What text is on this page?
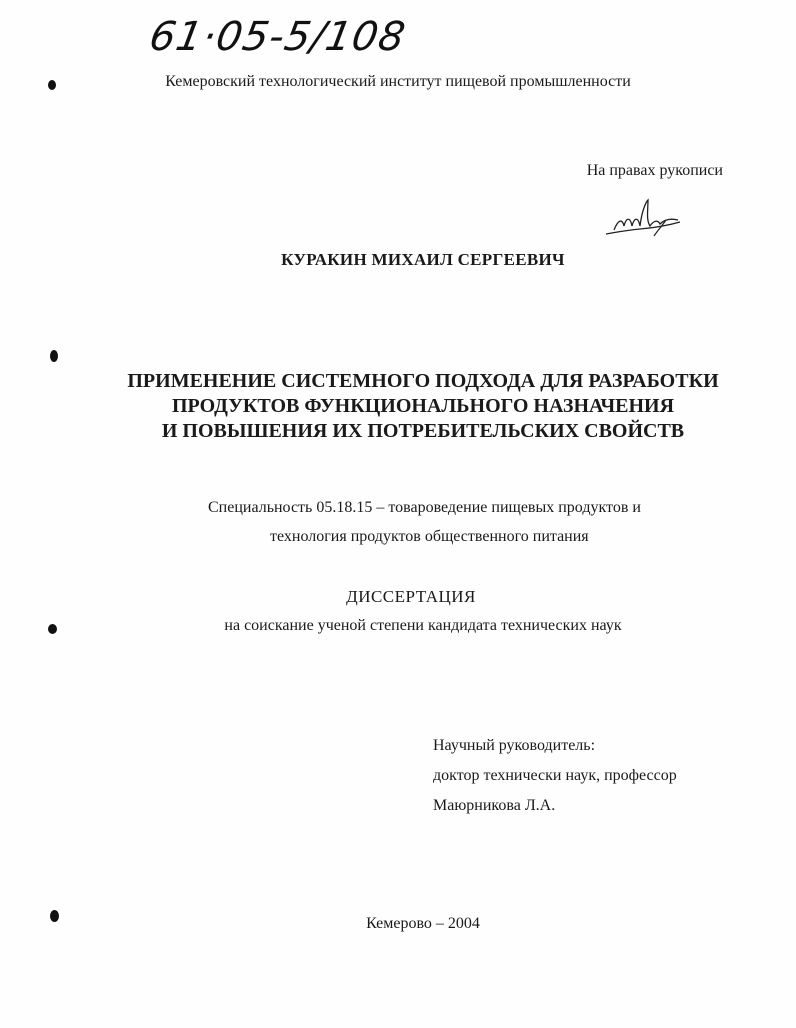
61·05-5/108
Кемеровский технологический институт пищевой промышленности
На правах рукописи
КУРАКИН МИХАИЛ СЕРГЕЕВИЧ
ПРИМЕНЕНИЕ СИСТЕМНОГО ПОДХОДА ДЛЯ РАЗРАБОТКИ
ПРОДУКТОВ ФУНКЦИОНАЛЬНОГО НАЗНАЧЕНИЯ
И ПОВЫШЕНИЯ ИХ ПОТРЕБИТЕЛЬСКИХ СВОЙСТВ
Специальность 05.18.15 – товароведение пищевых продуктов и
технология продуктов общественного питания
ДИССЕРТАЦИЯ
на соискание ученой степени кандидата технических наук
Научный руководитель:
доктор технически наук, профессор
Маюрникова Л.А.
Кемерово – 2004
